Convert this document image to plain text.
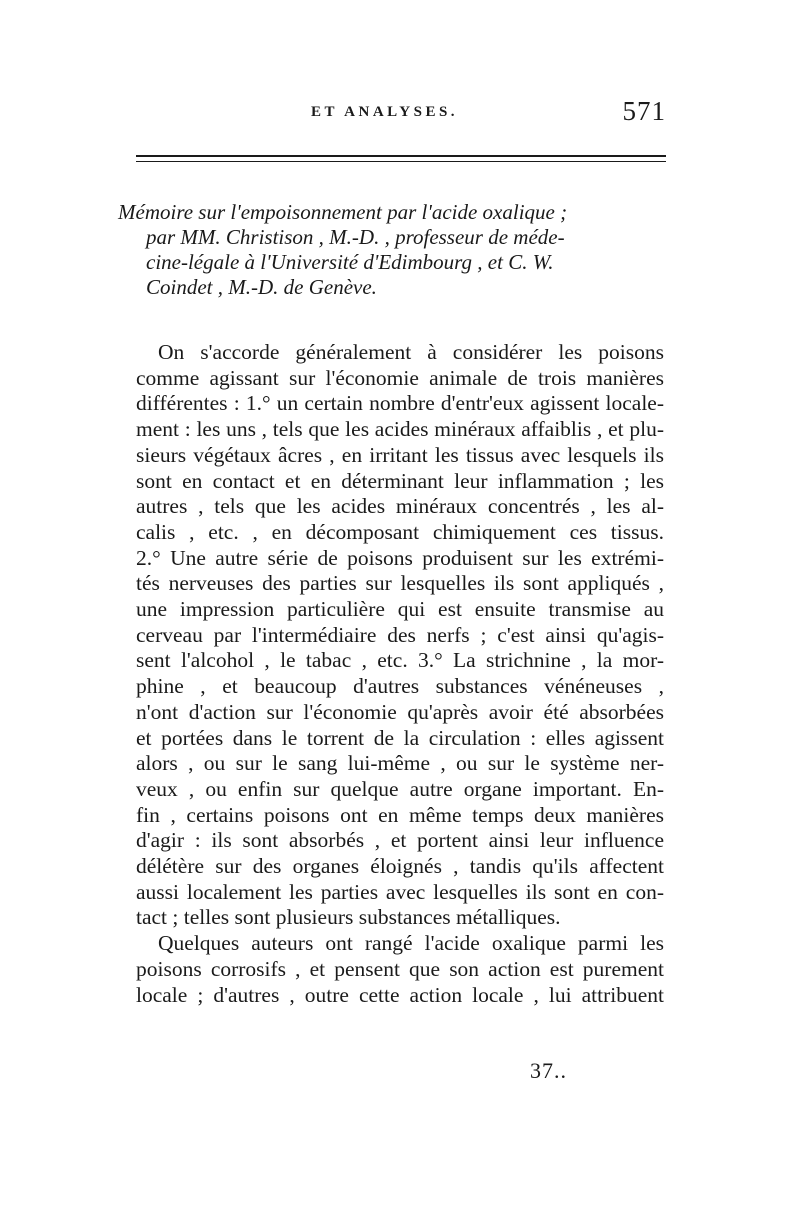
ET ANALYSES.	571
Mémoire sur l'empoisonnement par l'acide oxalique ;
par MM. Christison , M.-D. , professeur de méde-
cine-légale à l'Université d'Edimbourg , et C. W.
Coindet , M.-D. de Genève.
On s'accorde généralement à considérer les poisons
comme agissant sur l'économie animale de trois manières
différentes : 1.° un certain nombre d'entr'eux agissent locale-
ment : les uns , tels que les acides minéraux affaiblis , et plu-
sieurs végétaux âcres , en irritant les tissus avec lesquels ils
sont en contact et en déterminant leur inflammation ; les
autres , tels que les acides minéraux concentrés , les al-
calis , etc. , en décomposant chimiquement ces tissus.
2.° Une autre série de poisons produisent sur les extrémi-
tés nerveuses des parties sur lesquelles ils sont appliqués ,
une impression particulière qui est ensuite transmise au
cerveau par l'intermédiaire des nerfs ; c'est ainsi qu'agis-
sent l'alcohol , le tabac , etc. 3.° La strichnine , la mor-
phine , et beaucoup d'autres substances vénéneuses ,
n'ont d'action sur l'économie qu'après avoir été absorbées
et portées dans le torrent de la circulation : elles agissent
alors , ou sur le sang lui-même , ou sur le système ner-
veux , ou enfin sur quelque autre organe important. En-
fin , certains poisons ont en même temps deux manières
d'agir : ils sont absorbés , et portent ainsi leur influence
délétère sur des organes éloignés , tandis qu'ils affectent
aussi localement les parties avec lesquelles ils sont en con-
tact ; telles sont plusieurs substances métalliques.
Quelques auteurs ont rangé l'acide oxalique parmi les
poisons corrosifs , et pensent que son action est purement
locale ; d'autres , outre cette action locale , lui attribuent
37..
